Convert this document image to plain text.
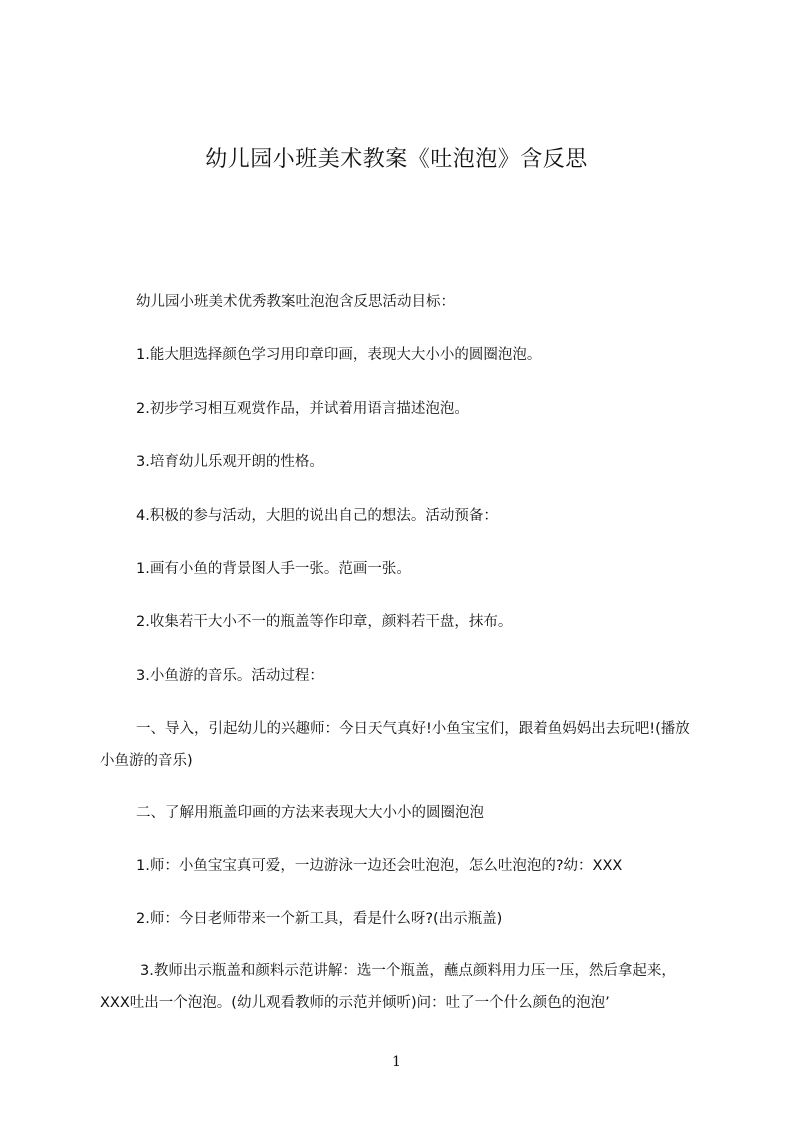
幼儿园小班美术教案《吐泡泡》含反思
幼儿园小班美术优秀教案吐泡泡含反思活动目标：
1.能大胆选择颜色学习用印章印画，表现大大小小的圆圈泡泡。
2.初步学习相互观赏作品，并试着用语言描述泡泡。
3.培育幼儿乐观开朗的性格。
4.积极的参与活动，大胆的说出自己的想法。活动预备：
1.画有小鱼的背景图人手一张。范画一张。
2.收集若干大小不一的瓶盖等作印章，颜料若干盘，抹布。
3.小鱼游的音乐。活动过程：
一、导入，引起幼儿的兴趣师：今日天气真好!小鱼宝宝们，跟着鱼妈妈出去玩吧!(播放小鱼游的音乐)
二、了解用瓶盖印画的方法来表现大大小小的圆圈泡泡
1.师：小鱼宝宝真可爱，一边游泳一边还会吐泡泡，怎么吐泡泡的?幼：XXX
2.师：今日老师带来一个新工具，看是什么呀?(出示瓶盖)
3.教师出示瓶盖和颜料示范讲解：选一个瓶盖，蘸点颜料用力压一压，然后拿起来，XXX吐出一个泡泡。(幼儿观看教师的示范并倾听)问：吐了一个什么颜色的泡泡’
1
